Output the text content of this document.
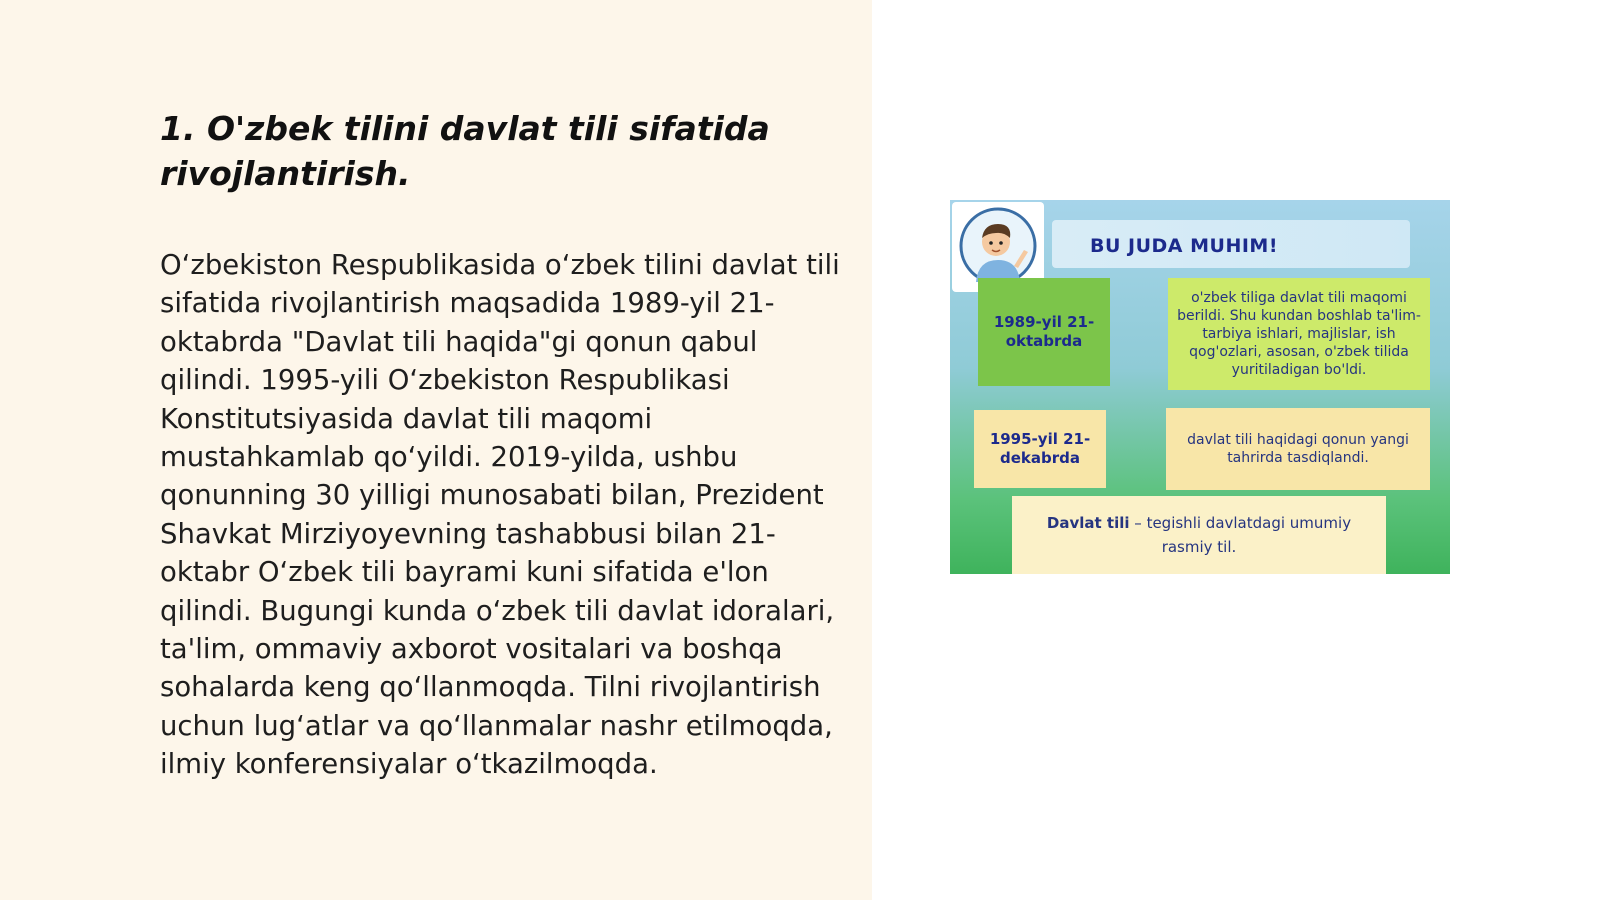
1. O'zbek tilini davlat tili sifatida rivojlantirish.

O‘zbekiston Respublikasida o‘zbek tilini davlat tili sifatida rivojlantirish maqsadida 1989-yil 21-oktabrda "Davlat tili haqida"gi qonun qabul qilindi. 1995-yili O‘zbekiston Respublikasi Konstitutsiyasida davlat tili maqomi mustahkamlab qo‘yildi. 2019-yilda, ushbu qonunning 30 yilligi munosabati bilan, Prezident Shavkat Mirziyoyevning tashabbusi bilan 21-oktabr O‘zbek tili bayrami kuni sifatida e'lon qilindi. Bugungi kunda o‘zbek tili davlat idoralari, ta'lim, ommaviy axborot vositalari va boshqa sohalarda keng qo‘llanmoqda. Tilni rivojlantirish uchun lug‘atlar va qo‘llanmalar nashr etilmoqda, ilmiy konferensiyalar o‘tkazilmoqda.

BU JUDA MUHIM!
1989-yil 21-oktabrda
o'zbek tiliga davlat tili maqomi berildi. Shu kundan boshlab ta'lim-tarbiya ishlari, majlislar, ish qog'ozlari, asosan, o'zbek tilida yuritiladigan bo'ldi.
1995-yil 21-dekabrda
davlat tili haqidagi qonun yangi tahrirda tasdiqlandi.
Davlat tili – tegishli davlatdagi umumiy rasmiy til.
